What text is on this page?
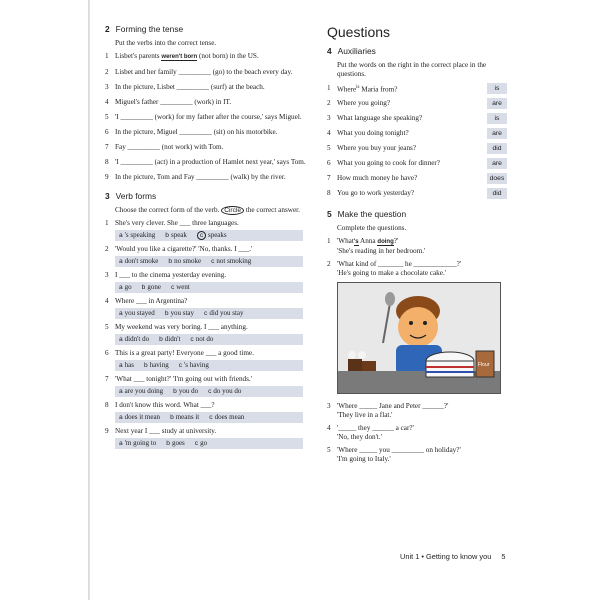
2 Forming the tense
Put the verbs into the correct tense.
1 Lisbet's parents weren't born (not born) in the US.
2 Lisbet and her family _________ (go) to the beach every day.
3 In the picture, Lisbet _________ (surf) at the beach.
4 Miguel's father _________ (work) in IT.
5 'I _________ (work) for my father after the course,' says Miguel.
6 In the picture, Miguel _________ (sit) on his motorbike.
7 Fay _________ (not work) with Tom.
8 'I _________ (act) in a production of Hamlet next year,' says Tom.
9 In the picture, Tom and Fay _________ (walk) by the river.
3 Verb forms
Choose the correct form of the verb. Circle the correct answer.
1 She's very clever. She ___ three languages.
a 's speaking b speak	c speaks
2 'Would you like a cigarette?' 'No, thanks. I ___.'
a don't smoke b no smoke c not smoking
3 I ___ to the cinema yesterday evening.
a go b gone c went
4 Where ___ in Argentina?
a you stayed b you stay c did you stay
5 My weekend was very boring. I ___ anything.
a didn't do b didn't c not do
6 This is a great party! Everyone ___ a good time.
a has b having c 's having
7 'What ___ tonight?' 'I'm going out with friends.'
a are you doing b you do c do you do
8 I don't know this word. What ___?
a does it mean b means it c does mean
9 Next year I ___ study at university.
a 'm going to b goes c go
Questions
4 Auxiliaries
Put the words on the right in the correct place in the questions.
1 Where$^{is}$ Maria from?	is
2 Where you going?	are
3 What language she speaking?	is
4 What you doing tonight?	are
5 Where you buy your jeans?	did
6 What you going to cook for dinner?	are
7 How much money he have?	does
8 You go to work yesterday?	did
5 Make the question
Complete the questions.
1 'What's Anna doing?'
'She's reading in her bedroom.'
2 'What kind of _______ he ____________?'
'He's going to make a chocolate cake.'
Flour
3 'Where _____ Jane and Peter ______?'
'They live in a flat.'
4 '_____ they ______ a car?'
'No, they don't.'
5 'Where _____ you _________ on holiday?'
'I'm going to Italy.'
Unit 1 • Getting to know you 5
